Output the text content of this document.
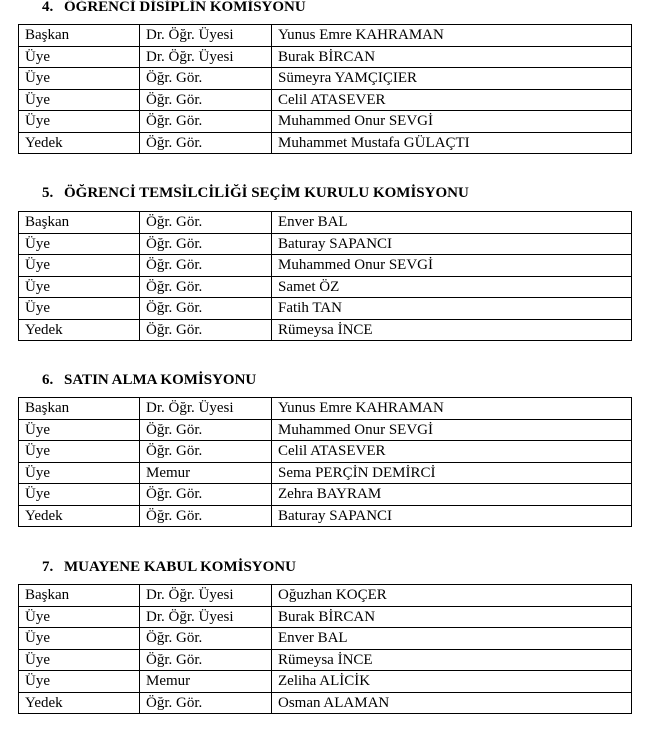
4. ÖĞRENCİ DİSİPLİN KOMİSYONU
Başkan	Dr. Öğr. Üyesi	Yunus Emre KAHRAMAN
Üye	Dr. Öğr. Üyesi	Burak BİRCAN
Üye	Öğr. Gör.	Sümeyra YAMÇIÇIER
Üye	Öğr. Gör.	Celil ATASEVER
Üye	Öğr. Gör.	Muhammed Onur SEVGİ
Yedek	Öğr. Gör.	Muhammet Mustafa GÜLAÇTI
5. ÖĞRENCİ TEMSİLCİLİĞİ SEÇİM KURULU KOMİSYONU
Başkan	Öğr. Gör.	Enver BAL
Üye	Öğr. Gör.	Baturay SAPANCI
Üye	Öğr. Gör.	Muhammed Onur SEVGİ
Üye	Öğr. Gör.	Samet ÖZ
Üye	Öğr. Gör.	Fatih TAN
Yedek	Öğr. Gör.	Rümeysa İNCE
6. SATIN ALMA KOMİSYONU
Başkan	Dr. Öğr. Üyesi	Yunus Emre KAHRAMAN
Üye	Öğr. Gör.	Muhammed Onur SEVGİ
Üye	Öğr. Gör.	Celil ATASEVER
Üye	Memur	Sema PERÇİN DEMİRCİ
Üye	Öğr. Gör.	Zehra BAYRAM
Yedek	Öğr. Gör.	Baturay SAPANCI
7. MUAYENE KABUL KOMİSYONU
Başkan	Dr. Öğr. Üyesi	Oğuzhan KOÇER
Üye	Dr. Öğr. Üyesi	Burak BİRCAN
Üye	Öğr. Gör.	Enver BAL
Üye	Öğr. Gör.	Rümeysa İNCE
Üye	Memur	Zeliha ALİCİK
Yedek	Öğr. Gör.	Osman ALAMAN
